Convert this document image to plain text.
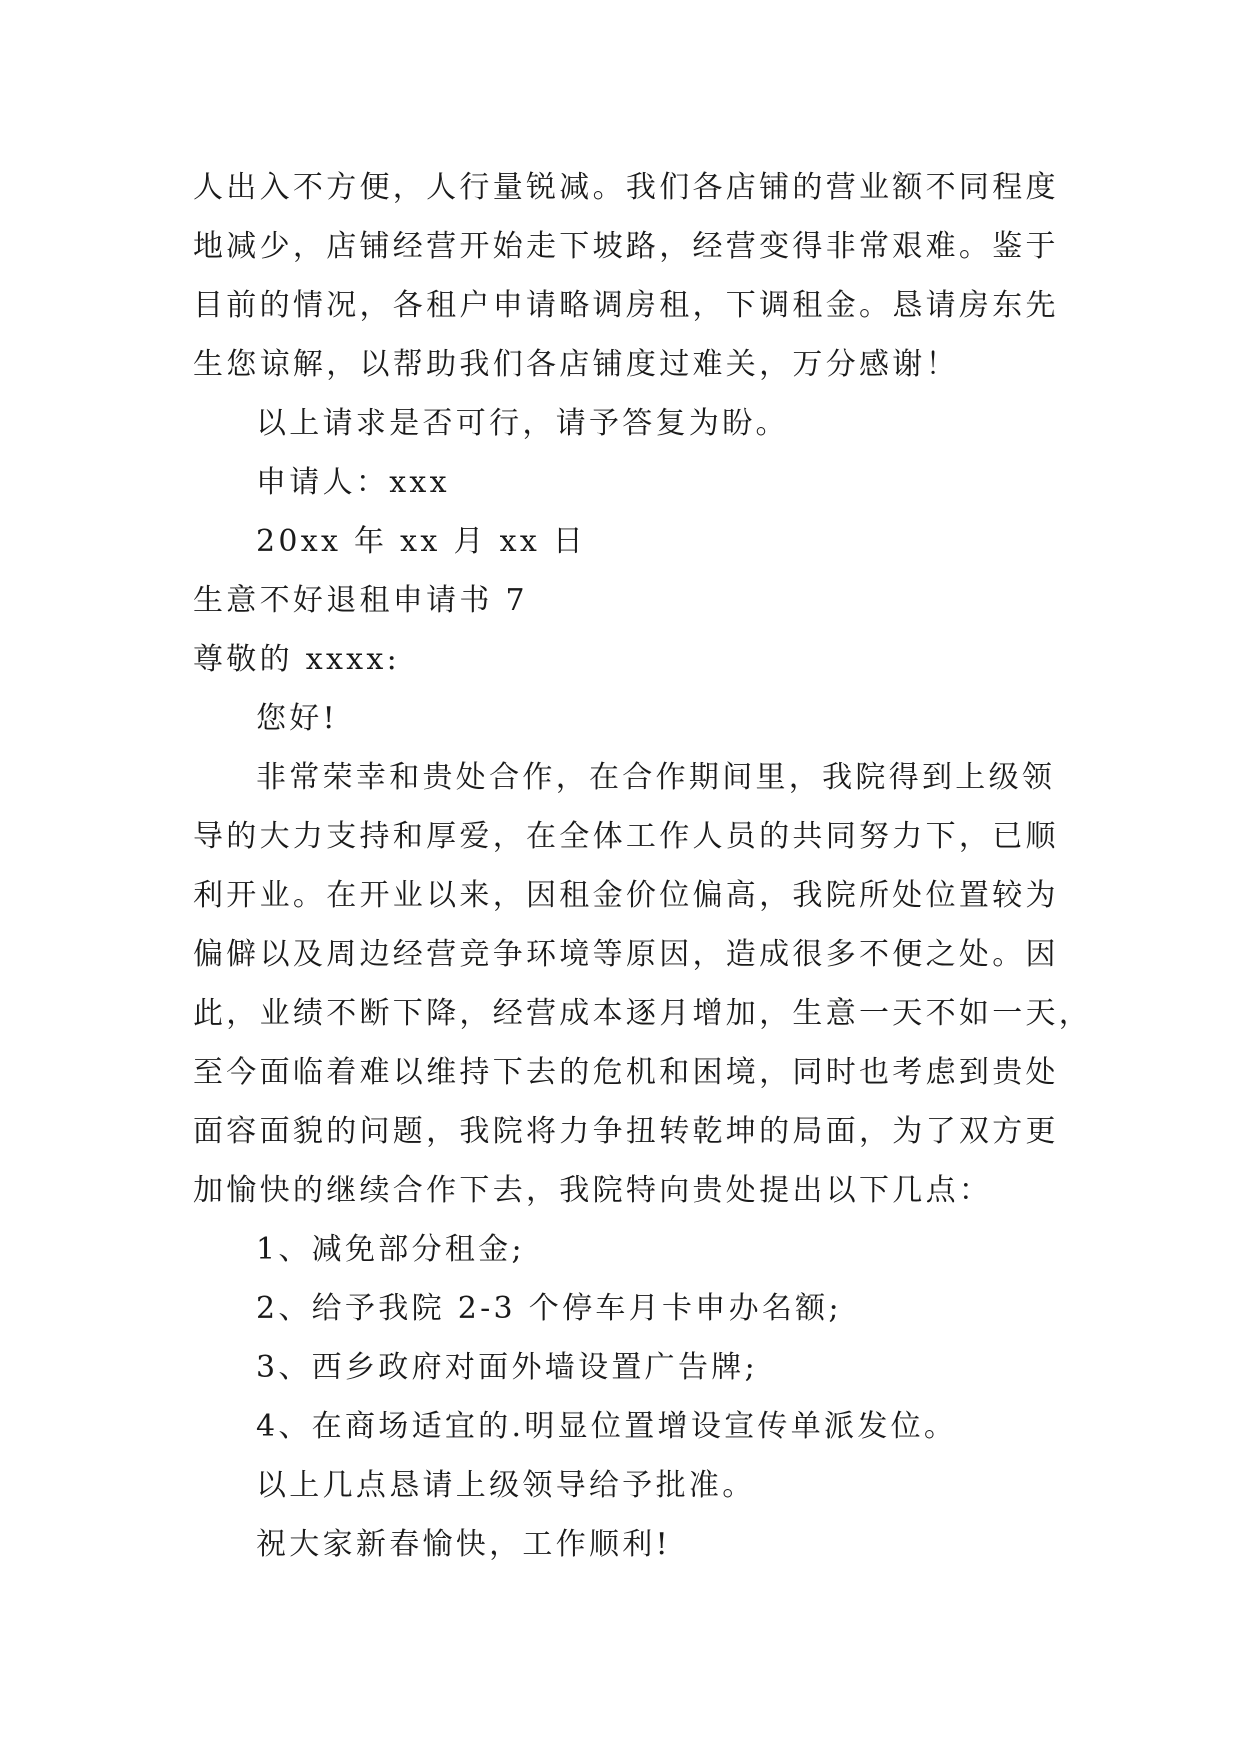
人出入不方便，人行量锐减。我们各店铺的营业额不同程度
地减少，店铺经营开始走下坡路，经营变得非常艰难。鉴于
目前的情况，各租户申请略调房租，下调租金。恳请房东先
生您谅解，以帮助我们各店铺度过难关，万分感谢！
以上请求是否可行，请予答复为盼。
申请人：xxx
20xx 年 xx 月 xx 日
生意不好退租申请书 7
尊敬的 xxxx:
您好!
非常荣幸和贵处合作，在合作期间里，我院得到上级领
导的大力支持和厚爱，在全体工作人员的共同努力下，已顺
利开业。在开业以来，因租金价位偏高，我院所处位置较为
偏僻以及周边经营竞争环境等原因，造成很多不便之处。因
此，业绩不断下降，经营成本逐月增加，生意一天不如一天，
至今面临着难以维持下去的危机和困境，同时也考虑到贵处
面容面貌的问题，我院将力争扭转乾坤的局面，为了双方更
加愉快的继续合作下去，我院特向贵处提出以下几点：
1、减免部分租金;
2、给予我院 2-3 个停车月卡申办名额;
3、西乡政府对面外墙设置广告牌;
4、在商场适宜的.明显位置增设宣传单派发位。
以上几点恳请上级领导给予批准。
祝大家新春愉快，工作顺利!
